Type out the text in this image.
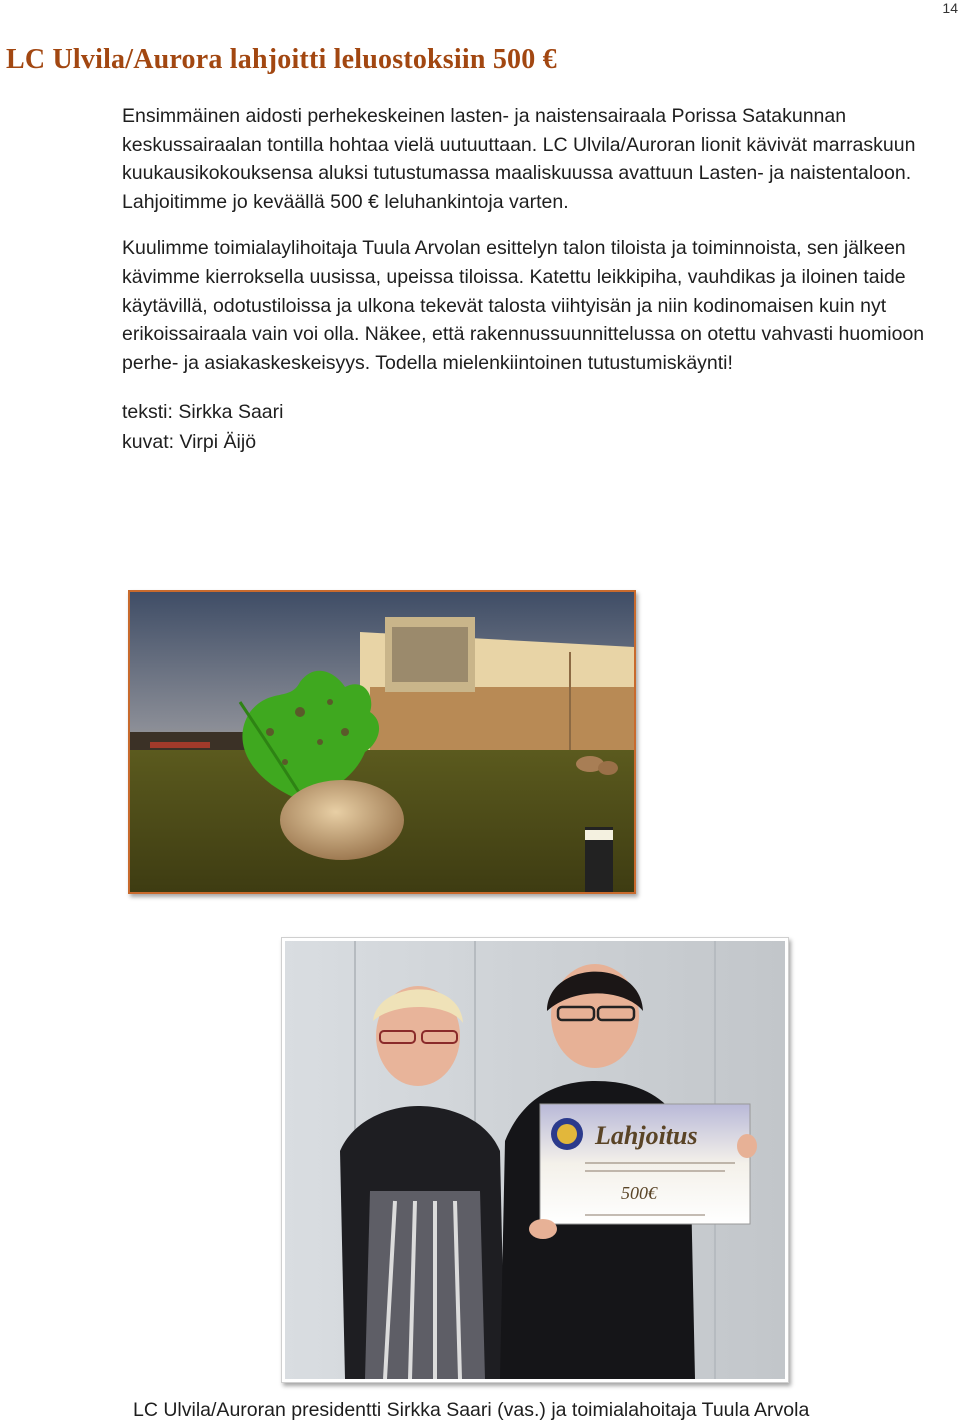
14
LC Ulvila/Aurora lahjoitti leluostoksiin 500 €

Ensimmäinen aidosti perhekeskeinen lasten- ja naistensairaala Porissa Satakunnan keskussairaalan tontilla hohtaa vielä uutuuttaan. LC Ulvila/Auroran lionit kävivät marraskuun kuukausikokouksensa aluksi tutustumassa maaliskuussa avattuun Lasten- ja naistentaloon. Lahjoitimme jo keväällä 500 € leluhankintoja varten.

Kuulimme toimialaylihoitaja Tuula Arvolan esittelyn talon tiloista ja toiminnoista, sen jälkeen kävimme kierroksella uusissa, upeissa tiloissa. Katettu leikkipiha, vauhdikas ja iloinen taide käytävillä, odotustiloissa ja ulkona tekevät talosta viihtyisän ja niin kodinomaisen kuin nyt erikoissairaala vain voi olla. Näkee, että rakennussuunnittelussa on otettu vahvasti huomioon perhe- ja asiakaskeskeisyys. Todella mielenkiintoinen tutustumiskäynti!

teksti: Sirkka Saari
kuvat: Virpi Äijö
Lahjoitus
500€
LC Ulvila/Auroran presidentti Sirkka Saari (vas.) ja toimialahoitaja Tuula Arvola
